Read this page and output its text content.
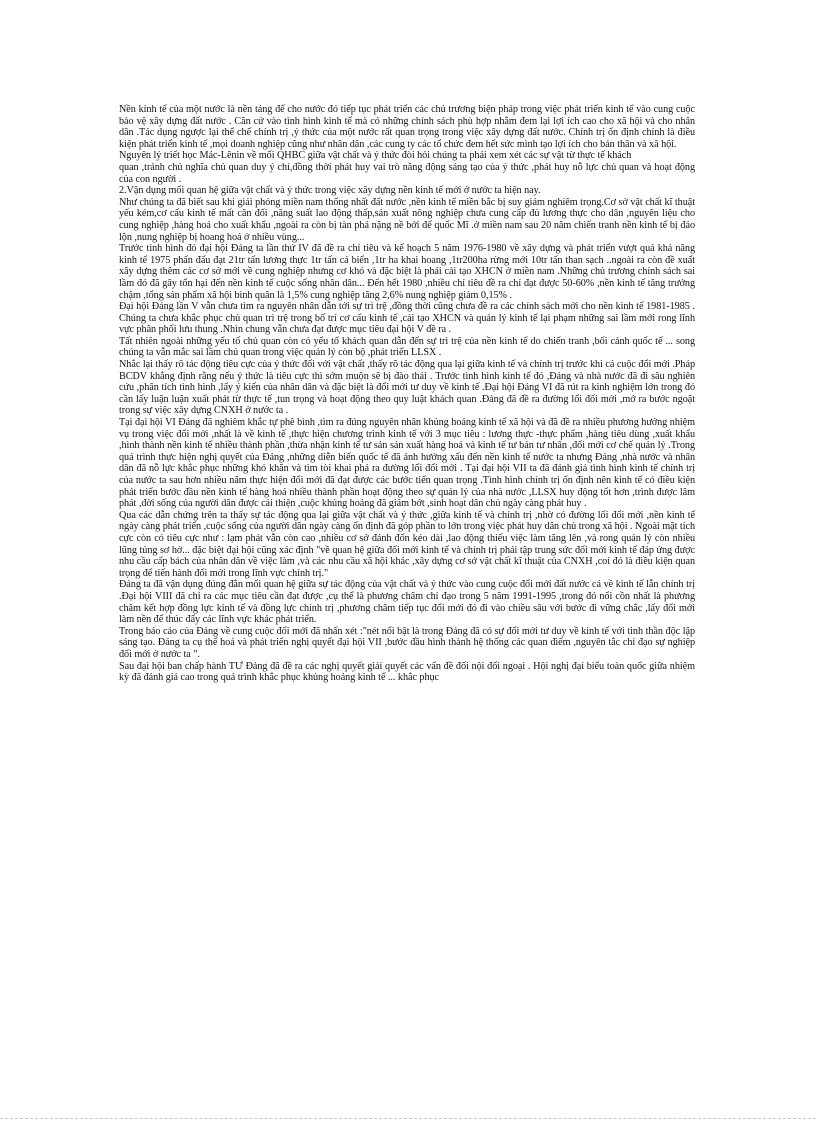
Nền kinh tế của một nước là nền tảng để cho nước đó tiếp tục phát triển các chủ trương biện pháp trong việc phát triển kinh tế vào cung cuộc bảo vệ xây dựng đất nước . Căn cứ vào tình hình kinh tế mà có những chính sách phù hợp nhằm đem lại lợi ích cao cho xã hội và cho nhân dân .Tác dụng ngược lại thể chế chính trị ,ý thức của một nước rất quan trọng trong việc xây dựng đất nước. Chính trị ổn định chính là điều kiện phát triển kinh tế ,mọi doanh nghiệp cũng như nhân dân ,các cung ty các tổ chức đem hết sức mình tạo lợi ích cho bản thân và xã hội.

Nguyên lý triết học Mác-Lênin về mối QHBC giữa vật chất và ý thức đòi hỏi chúng ta phải xem xét các sự vật từ thực tế khách

quan ,tránh chủ nghĩa chủ quan duy ý chí,đồng thời phát huy vai trò năng động sáng tạo của ý thức ,phát huy nỗ lực chủ quan và hoạt động của con người .

2.Vận dụng mối quan hệ giữa vật chất và ý thức trong việc xây dựng nền kinh tế mới ở nước ta hiện nay.

Như chúng ta đã biết sau khi giải phóng miền nam thống nhất đất nước ,nền kinh tế miền bắc bị suy giảm nghiêm trọng.Cơ sở vật chất kĩ thuật yếu kém,cơ cấu kinh tế mất cân đối ,năng suất lao động thấp,sản xuất nông nghiệp chưa cung cấp đủ lương thực cho dân ,nguyên liệu cho cung nghiệp ,hàng hoá cho xuất khẩu ,ngoài ra còn bị tàn phá nặng nề bởi đế quốc Mĩ .ở miền nam sau 20 năm chiến tranh nền kinh tế bị đảo lộn ,nung nghiệp bị hoang hoá ở nhiều vùng...

Trước tình hình đó đại hội Đảng ta lần thứ IV đã đề ra chỉ tiêu và kế hoạch 5 năm 1976-1980 về xây dựng và phát triển vượt quá khả năng kinh tế 1975 phấn đấu đạt 21tr tấn lương thực 1tr tấn cá biển ,1tr ha khai hoang ,1tr200ha rừng mới 10tr tấn than sạch ..ngoài ra còn đề xuất xây dựng thêm các cơ sở mới về cung nghiệp nhưng cơ khó và đặc biệt là phải cải tạo XHCN ở miền nam .Những chủ trương chính sách sai lầm đó đã gây tổn hại đến nền kinh tế cuộc sống nhân dân... Đến hết 1980 ,nhiều chỉ tiêu đề ra chỉ đạt được 50-60% ,nền kinh tế tăng trưởng chậm ,tổng sản phẩm xã hội bình quân là 1,5% cung nghiệp tăng 2,6% nung nghiệp giảm 0,15% .

Đại hội Đảng lần V vẫn chưa tìm ra nguyên nhân dẫn tới sự trì trệ ,đồng thời cũng chưa đề ra các chính sách mới cho nền kinh tế 1981-1985 . Chúng ta chưa khắc phục chủ quan trì trệ trong bố trí cơ cấu kinh tế ,cải tạo XHCN và quản lý kinh tế lại phạm những sai lầm mới rong lĩnh vực phân phối lưu thung .Nhìn chung vẫn chưa đạt được mục tiêu đại hội V đề ra .

Tất nhiên ngoài những yếu tố chủ quan còn có yếu tố khách quan dẫn đến sự trì trệ của nền kinh tế do chiến tranh ,bối cảnh quốc tế ... song chúng ta vẫn mắc sai lầm chủ quan trong việc quản lý còn bộ ,phát triển LLSX .

Nhắc lại thấy rõ tác động tiêu cực của ý thức đối với vật chất ,thấy rõ tác động qua lại giữa kinh tế và chính trị trước khi cả cuộc đổi mới .Pháp BCDV khẳng định rằng nếu ý thức là tiêu cực thì sớm muộn sẽ bị đào thải . Trước tình hình kinh tế đó ,Đảng và nhà nước đã đi sâu nghiên cứu ,phân tích tình hình ,lấy ý kiến của nhân dân và đặc biệt là đổi mới tư duy về kinh tế .Đại hội Đảng VI đã rút ra kinh nghiệm lớn trong đó cần lấy luận luận xuất phát từ thực tế ,tun trọng và hoạt động theo quy luật khách quan .Đảng đã đề ra đường lối đổi mới ,mở ra bước ngoặt trong sự việc xây dựng CNXH ở nước ta .

Tại đại hội VI Đảng đã nghiêm khắc tự phê bình ,tìm ra đúng nguyên nhân khủng hoảng kinh tế xã hội và đã đề ra nhiều phương hướng nhiệm vụ trong việc đổi mới ,nhất là về kinh tế ,thực hiện chương trình kinh tế với 3 mục tiêu : lương thực -thực phẩm ,hàng tiêu dùng ,xuất khẩu ,hình thành nền kinh tế nhiều thành phần ,thừa nhận kinh tế tư sản sản xuất hàng hoá và kinh tế tư bản tư nhân ,đổi mới cơ chế quản lý .Trong quá trình thực hiện nghị quyết của Đảng ,những diễn biến quốc tế đã ảnh hưởng xấu đến nền kinh tế nước ta nhưng Đảng ,nhà nước và nhân dân đã nỗ lực khắc phục những khó khăn và tìm tòi khai phá ra đường lối đổi mới . Tại đại hội VII ta đã đánh giá tình hình kinh tế chính trị của nước ta sau hơn nhiều năm thực hiện đổi mới đã đạt được các bước tiến quan trọng .Tình hình chính trị ổn định nên kinh tế có điều kiện phát triển bước đầu nền kinh tế hàng hoá nhiều thành phần hoạt động theo sự quản lý của nhà nước ,LLSX huy động tốt hơn ,trình được lâm phát ,đời sống của người dân được cải thiện ,cuộc khủng hoảng đã giảm bớt ,sinh hoạt dân chủ ngày càng phát huy .

Qua các dẫn chứng trên ta thấy sự tác động qua lại giữa vật chất và ý thức ,giữa kinh tế và chính trị ,nhờ có đường lối đổi mới ,nền kinh tế ngày càng phát triển ,cuộc sống của người dân ngày càng ổn định đã góp phần to lớn trong việc phát huy dân chủ trong xã hội . Ngoài mặt tích cực còn có tiêu cực như : lạm phát vẫn còn cao ,nhiều cơ sở đánh đổn kéo dài ,lao động thiếu việc làm tăng lên ,và rong quản lý còn nhiều lũng tủng sơ hở... đặc biệt đại hội cũng xác định "về quan hệ giữa đổi mới kinh tế và chính trị phải tập trung sức đổi mới kinh tế đáp ứng được nhu cầu cấp bách của nhân dân về việc làm ,và các nhu cầu xã hội khác ,xây dựng cơ sở vật chất kĩ thuật của CNXH ,coi đó là điều kiện quan trọng để tiến hành đổi mới trong lĩnh vực chính trị."

Đảng ta đã vận dụng đúng đắn mối quan hệ giữa sự tác động của vật chất và ý thức vào cung cuộc đổi mới đất nước cả về kinh tế lẫn chính trị .Đại hội VIII đã chỉ ra các mục tiêu cần đạt được ,cụ thể là phương châm chỉ đạo trong 5 năm 1991-1995 ,trong đó nổi cồn nhất là phương châm kết hợp đồng lực kinh tế và đồng lực chính trị ,phương châm tiếp tục đổi mới đó đi vào chiều sâu với bước đi vững chắc ,lấy đổi mới làm nền để thúc đẩy các lĩnh vực khác phát triển.

Trong báo cáo của Đảng về cung cuộc đổi mới đã nhấn xét :"nét nổi bật là trong Đảng đã có sự đổi mới tư duy về kinh tế với tinh thần độc lập sáng tạo. Đảng ta cụ thể hoá và phát triển nghị quyết đại hội VII ,bước đầu hình thành hệ thống các quan điểm ,nguyên tắc chỉ đạo sự nghiệp đổi mới ở nước ta ".

Sau đại hội ban chấp hành TƯ Đảng đã đề ra các nghị quyết giải quyết các vấn đề đối nội đối ngoại . Hội nghị đại biểu toàn quốc giữa nhiệm kỳ đã đánh giá cao trong quá trình khắc phục khủng hoảng kinh tế ... khắc phục
